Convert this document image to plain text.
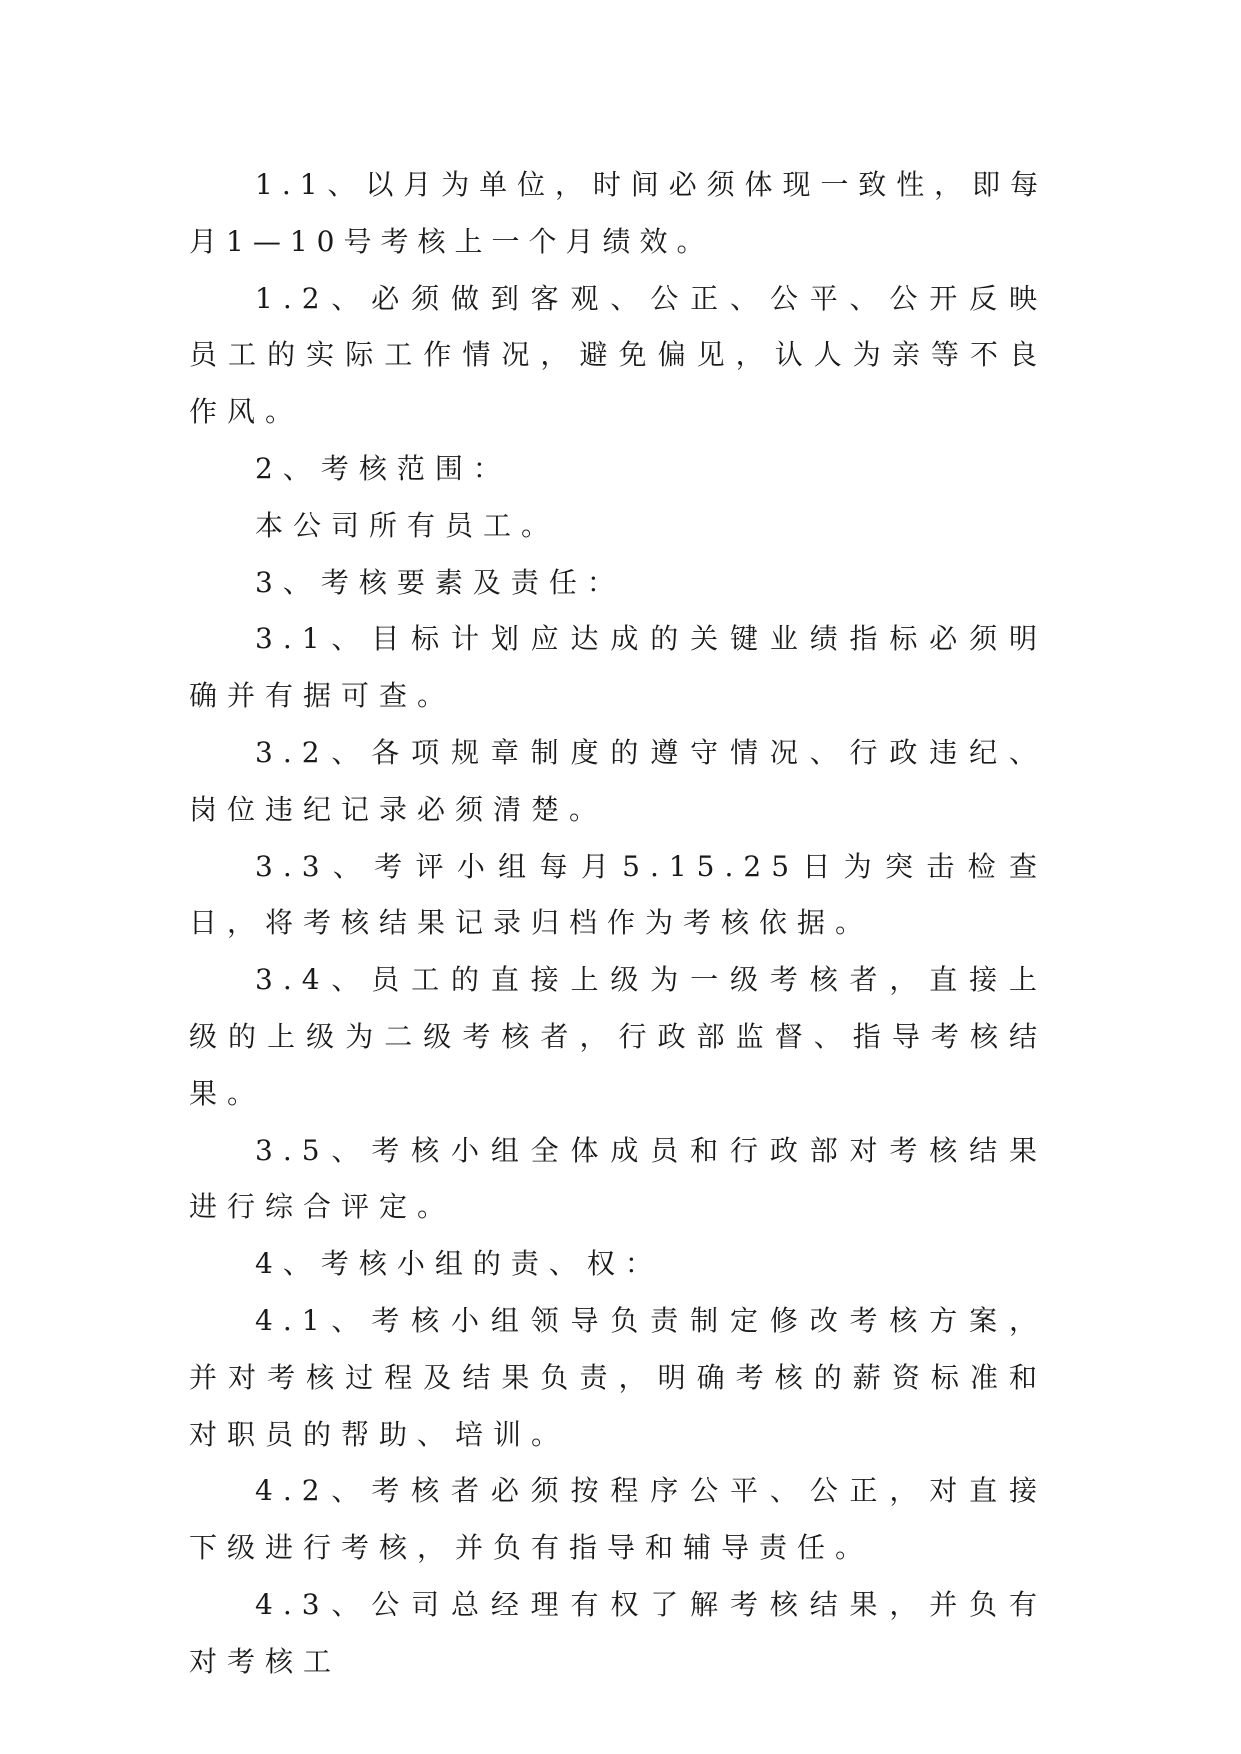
1.1、以月为单位，时间必须体现一致性，即每月1—10号考核上一个月绩效。

1.2、必须做到客观、公正、公平、公开反映员工的实际工作情况，避免偏见，认人为亲等不良作风。

2、考核范围：

本公司所有员工。

3、考核要素及责任：

3.1、目标计划应达成的关键业绩指标必须明确并有据可查。

3.2、各项规章制度的遵守情况、行政违纪、岗位违纪记录必须清楚。

3.3、考评小组每月5.15.25日为突击检查日，将考核结果记录归档作为考核依据。

3.4、员工的直接上级为一级考核者，直接上级的上级为二级考核者，行政部监督、指导考核结果。

3.5、考核小组全体成员和行政部对考核结果进行综合评定。

4、考核小组的责、权：

4.1、考核小组领导负责制定修改考核方案，并对考核过程及结果负责，明确考核的薪资标准和对职员的帮助、培训。

4.2、考核者必须按程序公平、公正，对直接下级进行考核，并负有指导和辅导责任。

4.3、公司总经理有权了解考核结果，并负有对考核工
